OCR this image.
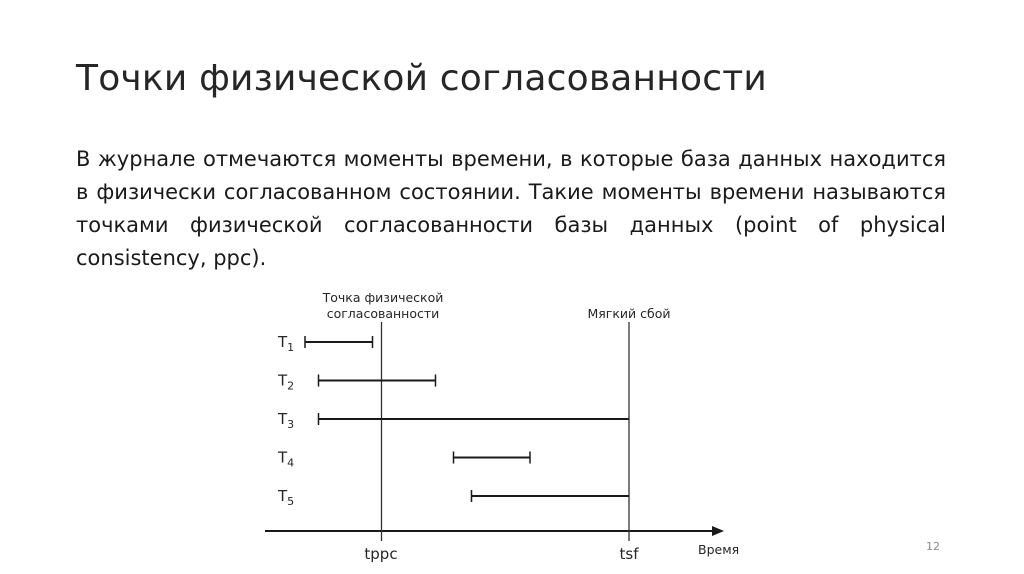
Точки физической согласованности

В журнале отмечаются моменты времени, в которые база данных находится в физически согласованном состоянии. Такие моменты времени называются точками физической согласованности базы данных (point of physical consistency, ppc).

Точка физической
согласованности	Мягкий сбой
tppc	tsf	Время
$T_1$
$T_2$
$T_3$
$T_4$
$T_5$
12
